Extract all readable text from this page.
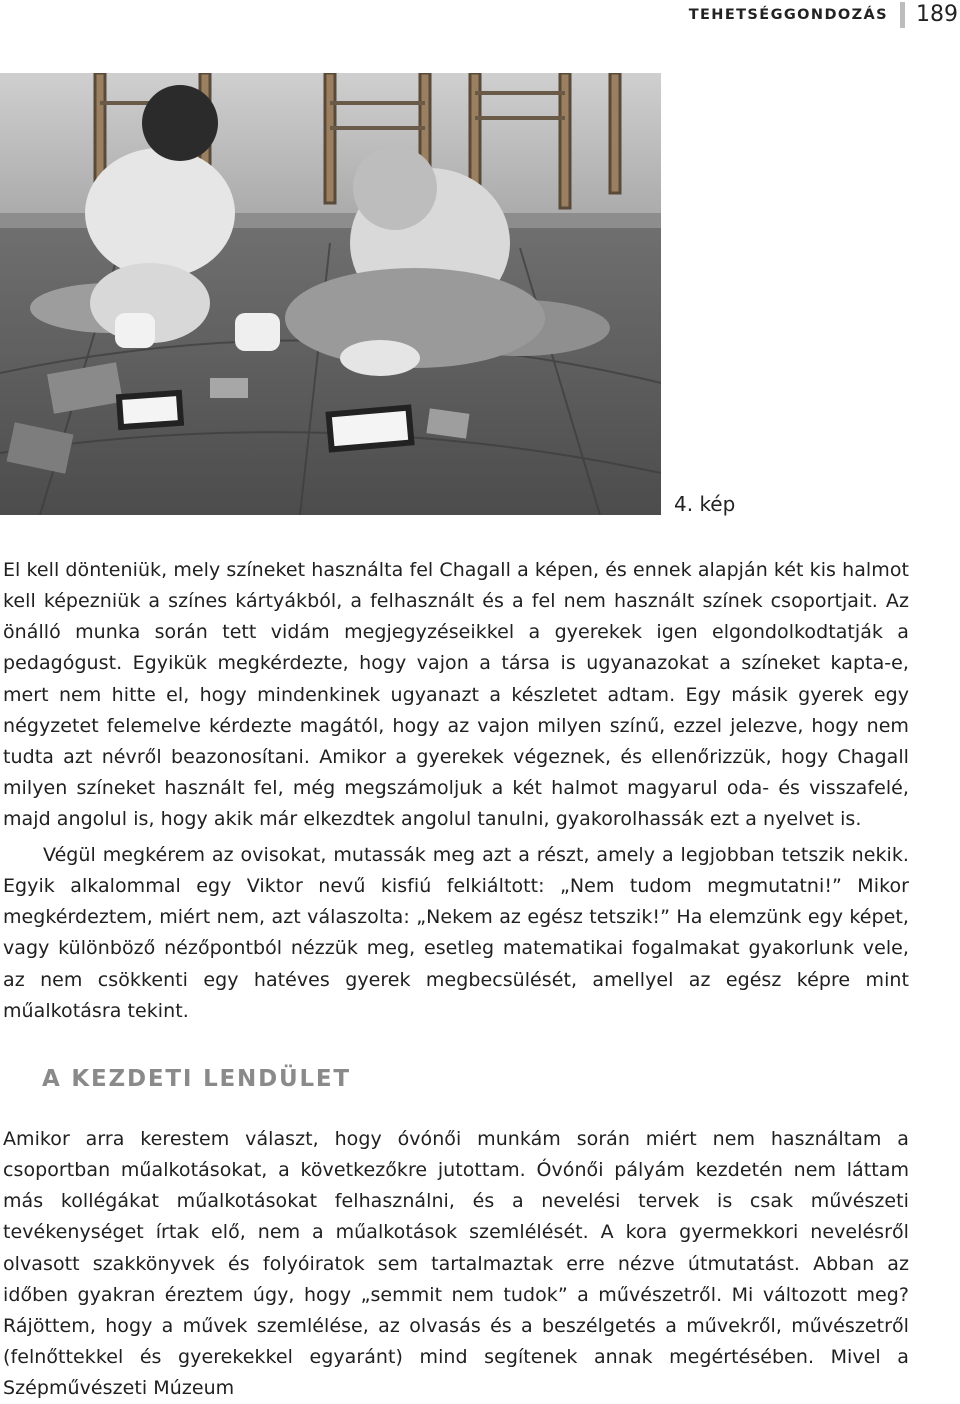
TEHETSÉGGONDOZÁS 189
4. kép

El kell dönteniük, mely színeket használta fel Chagall a képen, és ennek alapján két kis halmot kell képezniük a színes kártyákból, a felhasznált és a fel nem használt színek csoportjait. Az önálló munka során tett vidám megjegyzéseikkel a gyerekek igen elgondolkodtatják a pedagógust. Egyikük megkérdezte, hogy vajon a társa is ugyanazokat a színeket kapta-e, mert nem hitte el, hogy mindenkinek ugyanazt a készletet adtam. Egy másik gyerek egy négyzetet felemelve kérdezte magától, hogy az vajon milyen színű, ezzel jelezve, hogy nem tudta azt névről beazonosítani. Amikor a gyerekek végeznek, és ellenőrizzük, hogy Chagall milyen színeket használt fel, még megszámoljuk a két halmot magyarul oda- és visszafelé, majd angolul is, hogy akik már elkezdtek angolul tanulni, gyakorolhassák ezt a nyelvet is.

Végül megkérem az ovisokat, mutassák meg azt a részt, amely a legjobban tetszik nekik. Egyik alkalommal egy Viktor nevű kisfiú felkiáltott: „Nem tudom megmutatni!” Mikor megkérdeztem, miért nem, azt válaszolta: „Nekem az egész tetszik!” Ha elemzünk egy képet, vagy különböző nézőpontból nézzük meg, esetleg matematikai fogalmakat gyakorlunk vele, az nem csökkenti egy hatéves gyerek megbecsülését, amellyel az egész képre mint műalkotásra tekint.

A KEZDETI LENDÜLET

Amikor arra kerestem választ, hogy óvónői munkám során miért nem használtam a csoportban műalkotásokat, a következőkre jutottam. Óvónői pályám kezdetén nem láttam más kollégákat műalkotásokat felhasználni, és a nevelési tervek is csak művészeti tevékenységet írtak elő, nem a műalkotások szemlélését. A kora gyermekkori nevelésről olvasott szakkönyvek és folyóiratok sem tartalmaztak erre nézve útmutatást. Abban az időben gyakran éreztem úgy, hogy „semmit nem tudok” a művészetről. Mi változott meg? Rájöttem, hogy a művek szemlélése, az olvasás és a beszélgetés a művekről, művészetről (felnőttekkel és gyerekekkel egyaránt) mind segítenek annak megértésében. Mivel a Szépművészeti Múzeum
